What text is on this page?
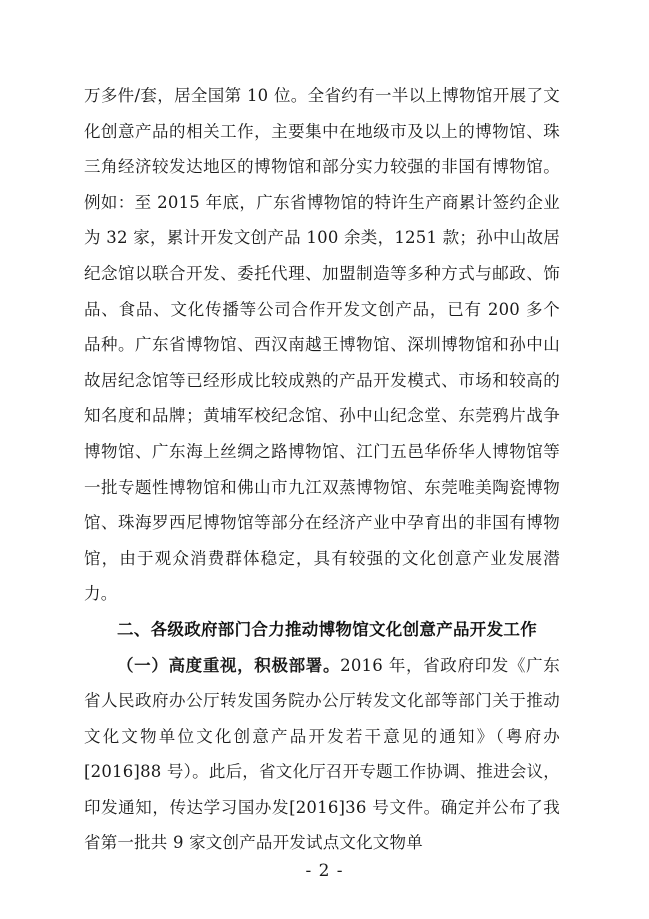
万多件/套，居全国第 10 位。全省约有一半以上博物馆开展了文化创意产品的相关工作，主要集中在地级市及以上的博物馆、珠三角经济较发达地区的博物馆和部分实力较强的非国有博物馆。例如：至 2015 年底，广东省博物馆的特许生产商累计签约企业为 32 家，累计开发文创产品 100 余类，1251 款；孙中山故居纪念馆以联合开发、委托代理、加盟制造等多种方式与邮政、饰品、食品、文化传播等公司合作开发文创产品，已有 200 多个品种。广东省博物馆、西汉南越王博物馆、深圳博物馆和孙中山故居纪念馆等已经形成比较成熟的产品开发模式、市场和较高的知名度和品牌；黄埔军校纪念馆、孙中山纪念堂、东莞鸦片战争博物馆、广东海上丝绸之路博物馆、江门五邑华侨华人博物馆等一批专题性博物馆和佛山市九江双蒸博物馆、东莞唯美陶瓷博物馆、珠海罗西尼博物馆等部分在经济产业中孕育出的非国有博物馆，由于观众消费群体稳定，具有较强的文化创意产业发展潜力。

二、各级政府部门合力推动博物馆文化创意产品开发工作

（一）高度重视，积极部署。2016 年，省政府印发《广东省人民政府办公厅转发国务院办公厅转发文化部等部门关于推动文化文物单位文化创意产品开发若干意见的通知》（粤府办[2016]88 号）。此后，省文化厅召开专题工作协调、推进会议，印发通知，传达学习国办发[2016]36 号文件。确定并公布了我省第一批共 9 家文创产品开发试点文化文物单

- 2 -
